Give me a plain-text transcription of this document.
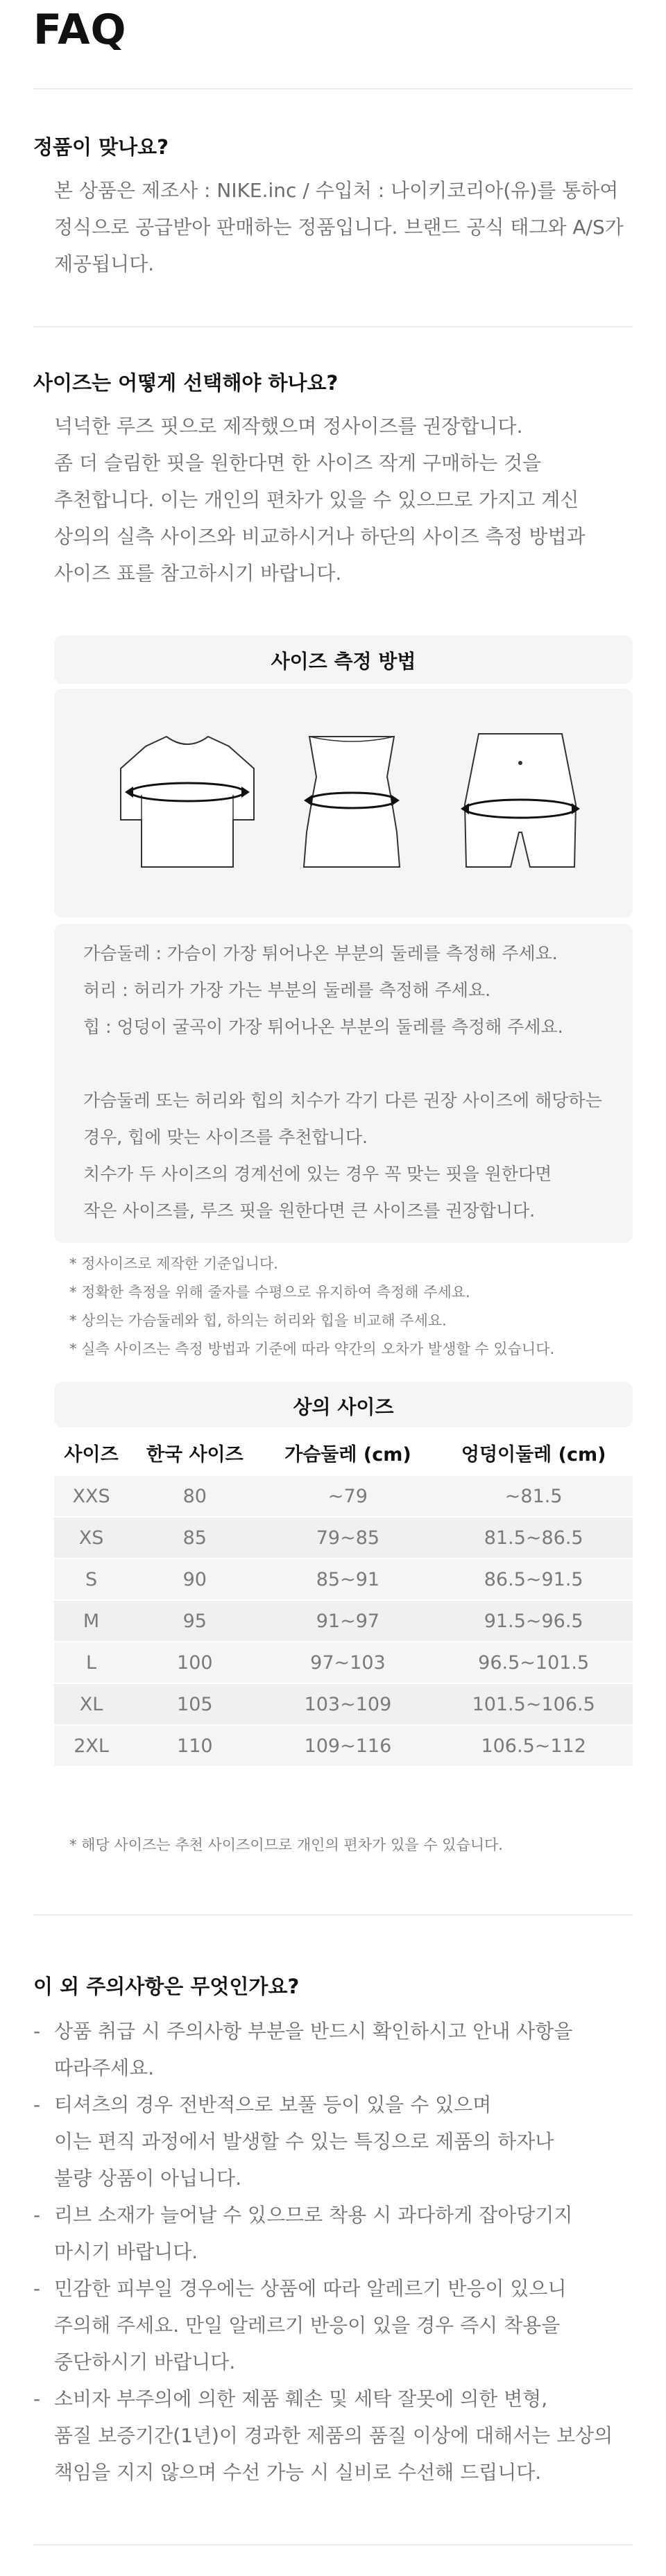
FAQ
정품이 맞나요?
본 상품은 제조사 : NIKE.inc / 수입처 : 나이키코리아(유)를 통하여
정식으로 공급받아 판매하는 정품입니다. 브랜드 공식 태그와 A/S가
제공됩니다.
사이즈는 어떻게 선택해야 하나요?
넉넉한 루즈 핏으로 제작했으며 정사이즈를 권장합니다.
좀 더 슬림한 핏을 원한다면 한 사이즈 작게 구매하는 것을
추천합니다. 이는 개인의 편차가 있을 수 있으므로 가지고 계신
상의의 실측 사이즈와 비교하시거나 하단의 사이즈 측정 방법과
사이즈 표를 참고하시기 바랍니다.
사이즈 측정 방법
가슴둘레 : 가슴이 가장 튀어나온 부분의 둘레를 측정해 주세요.
허리 : 허리가 가장 가는 부분의 둘레를 측정해 주세요.
힙 : 엉덩이 굴곡이 가장 튀어나온 부분의 둘레를 측정해 주세요.
가슴둘레 또는 허리와 힙의 치수가 각기 다른 권장 사이즈에 해당하는
경우, 힙에 맞는 사이즈를 추천합니다.
치수가 두 사이즈의 경계선에 있는 경우 꼭 맞는 핏을 원한다면
작은 사이즈를, 루즈 핏을 원한다면 큰 사이즈를 권장합니다.
* 정사이즈로 제작한 기준입니다.
* 정확한 측정을 위해 줄자를 수평으로 유지하여 측정해 주세요.
* 상의는 가슴둘레와 힙, 하의는 허리와 힙을 비교해 주세요.
* 실측 사이즈는 측정 방법과 기준에 따라 약간의 오차가 발생할 수 있습니다.
상의 사이즈
사이즈	한국 사이즈	가슴둘레 (cm)	엉덩이둘레 (cm)
XXS	80	~79	~81.5
XS	85	79~85	81.5~86.5
S	90	85~91	86.5~91.5
M	95	91~97	91.5~96.5
L	100	97~103	96.5~101.5
XL	105	103~109	101.5~106.5
2XL	110	109~116	106.5~112
* 해당 사이즈는 추천 사이즈이므로 개인의 편차가 있을 수 있습니다.
이 외 주의사항은 무엇인가요?
- 상품 취급 시 주의사항 부분을 반드시 확인하시고 안내 사항을
따라주세요.
- 티셔츠의 경우 전반적으로 보풀 등이 있을 수 있으며
이는 편직 과정에서 발생할 수 있는 특징으로 제품의 하자나
불량 상품이 아닙니다.
- 리브 소재가 늘어날 수 있으므로 착용 시 과다하게 잡아당기지
마시기 바랍니다.
- 민감한 피부일 경우에는 상품에 따라 알레르기 반응이 있으니
주의해 주세요. 만일 알레르기 반응이 있을 경우 즉시 착용을
중단하시기 바랍니다.
- 소비자 부주의에 의한 제품 훼손 및 세탁 잘못에 의한 변형,
품질 보증기간(1년)이 경과한 제품의 품질 이상에 대해서는 보상의
책임을 지지 않으며 수선 가능 시 실비로 수선해 드립니다.
